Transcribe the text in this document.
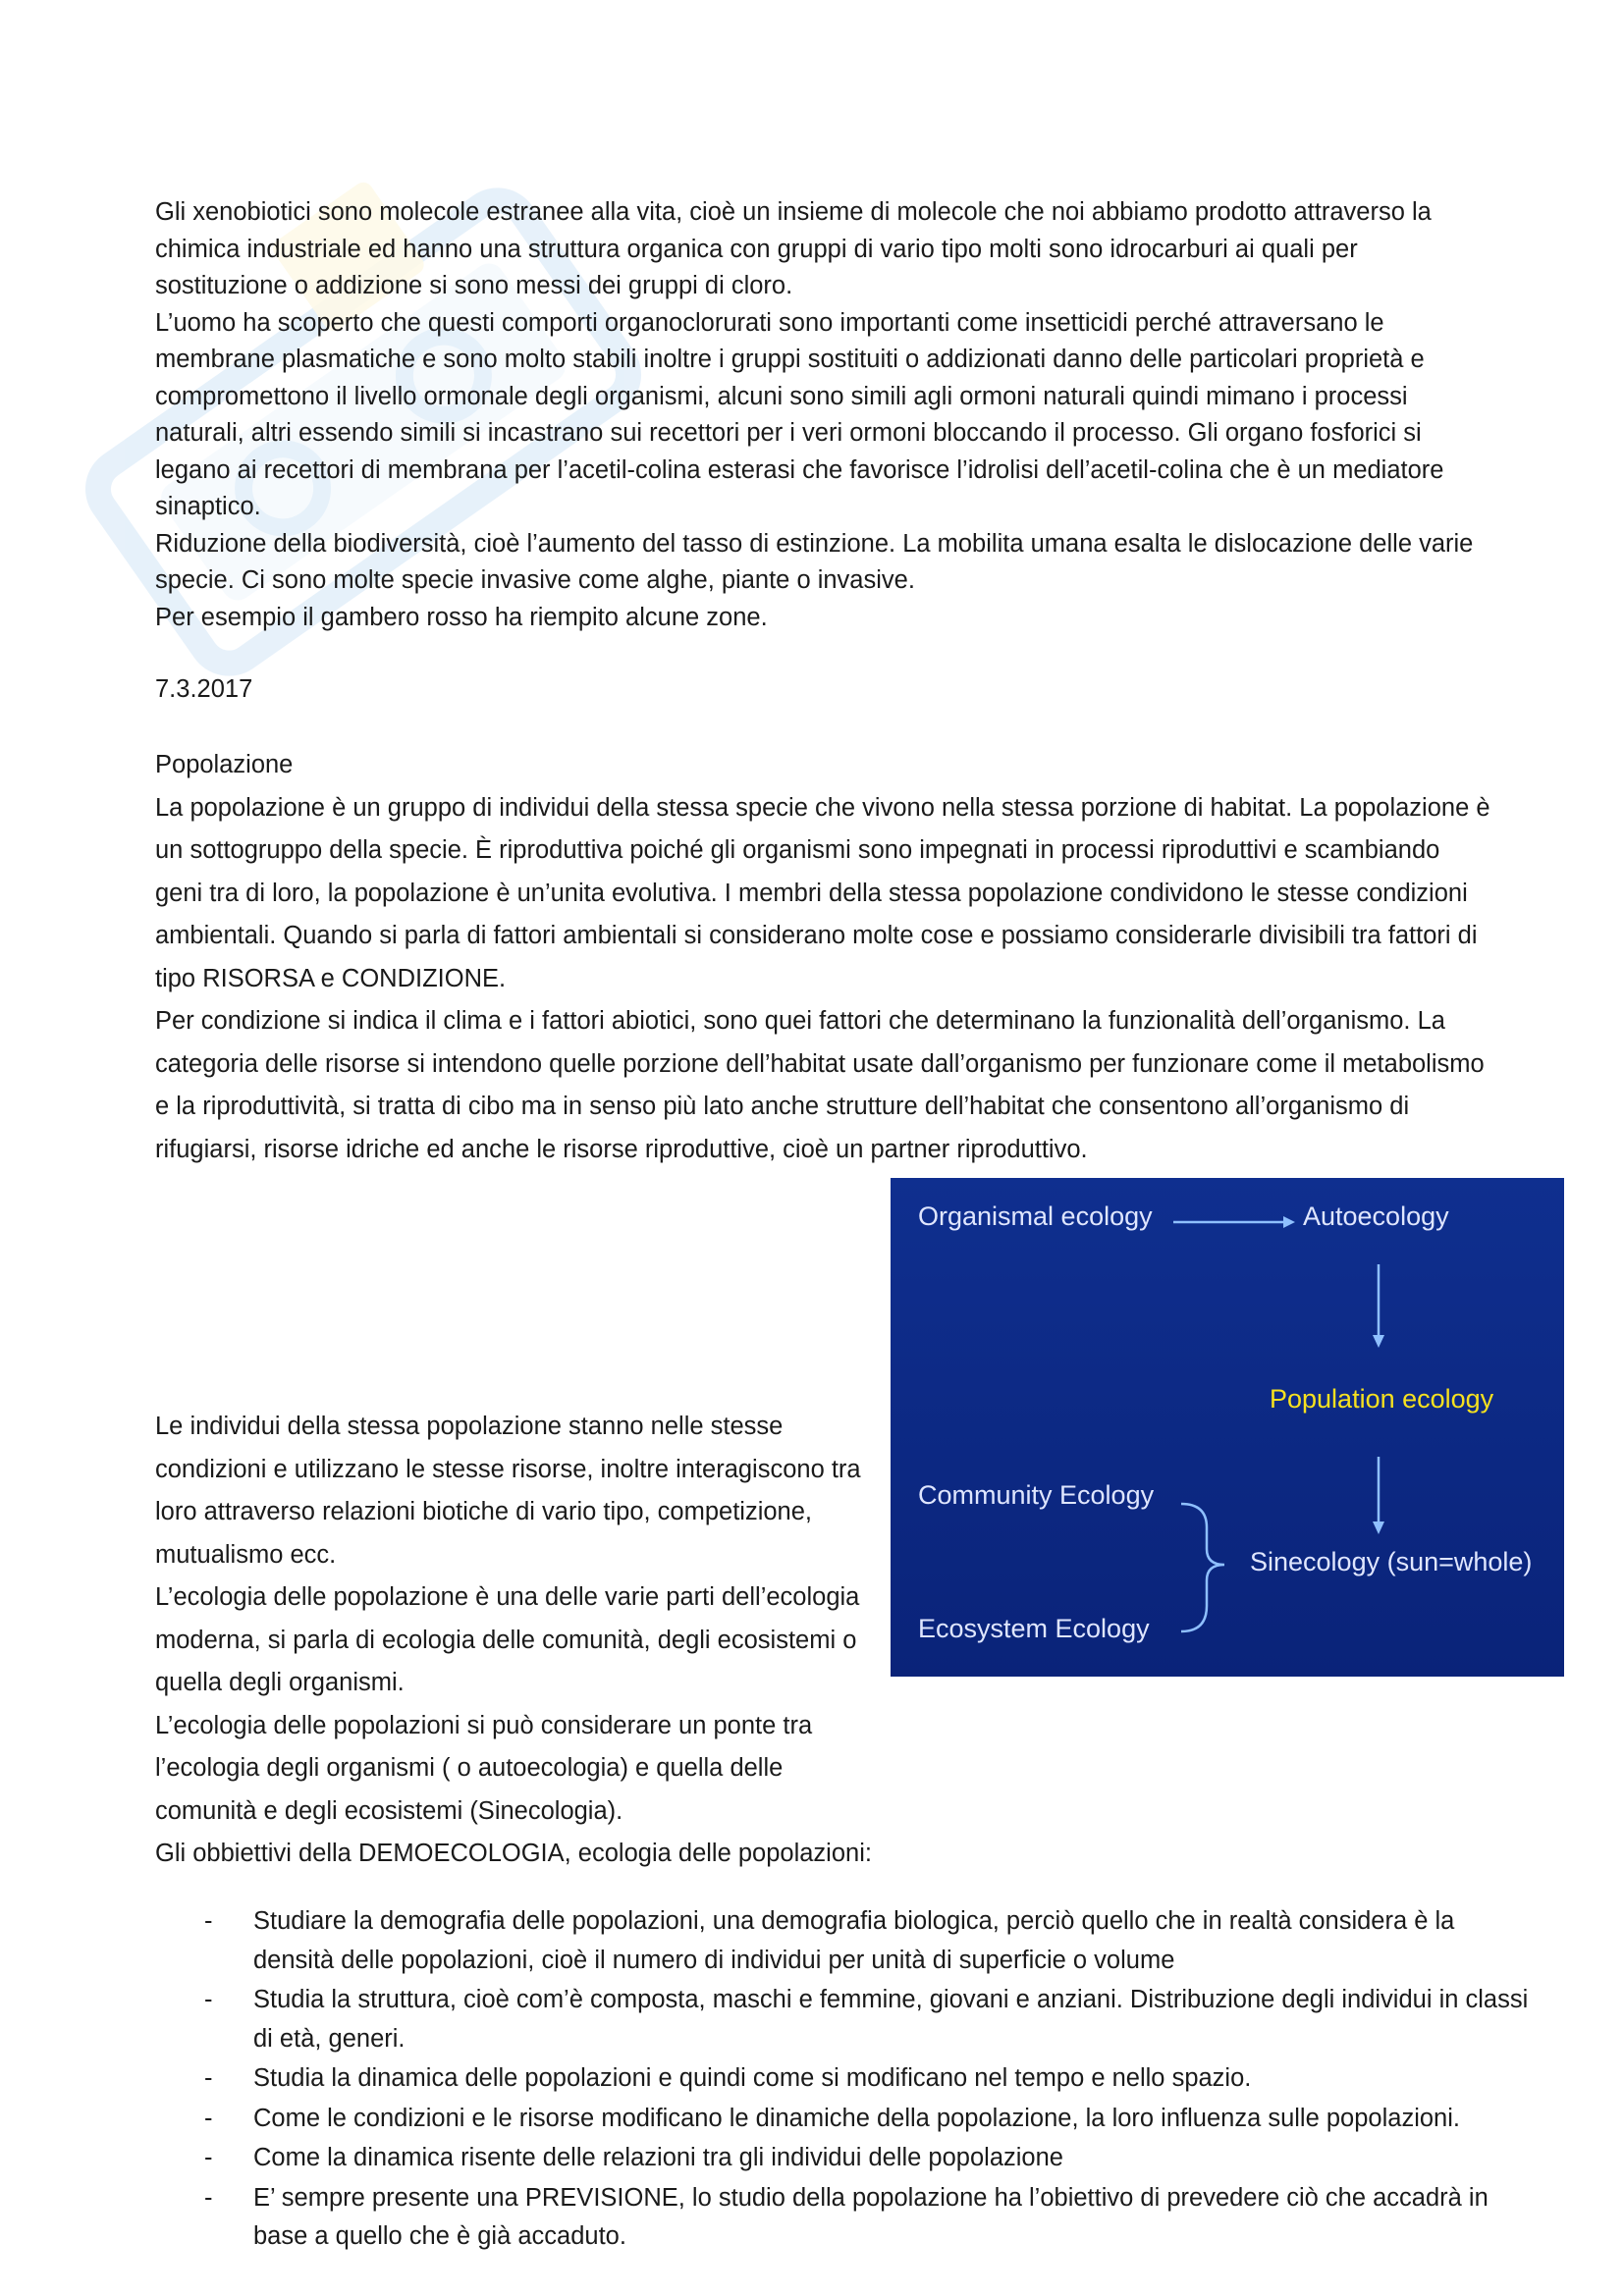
Gli xenobiotici sono molecole estranee alla vita, cioè un insieme di molecole che noi abbiamo prodotto attraverso la chimica industriale ed hanno una struttura organica con gruppi di vario tipo molti sono idrocarburi ai quali per sostituzione o addizione si sono messi dei gruppi di cloro.

L’uomo ha scoperto che questi comporti organoclorurati sono importanti come insetticidi perché attraversano le membrane plasmatiche e sono molto stabili inoltre i gruppi sostituiti o addizionati danno delle particolari proprietà e compromettono il livello ormonale degli organismi, alcuni sono simili agli ormoni naturali quindi mimano i processi naturali, altri essendo simili si incastrano sui recettori per i veri ormoni bloccando il processo. Gli organo fosforici si legano ai recettori di membrana per l’acetil-colina esterasi che favorisce l’idrolisi dell’acetil-colina che è un mediatore sinaptico.

Riduzione della biodiversità, cioè l’aumento del tasso di estinzione. La mobilita umana esalta le dislocazione delle varie specie. Ci sono molte specie invasive come alghe, piante o invasive.

Per esempio il gambero rosso ha riempito alcune zone.

7.3.2017

Popolazione

La popolazione è un gruppo di individui della stessa specie che vivono nella stessa porzione di habitat. La popolazione è un sottogruppo della specie. È riproduttiva poiché gli organismi sono impegnati in processi riproduttivi e scambiando geni tra di loro, la popolazione è un’unita evolutiva. I membri della stessa popolazione condividono le stesse condizioni ambientali. Quando si parla di fattori ambientali si considerano molte cose e possiamo considerarle divisibili tra fattori di tipo RISORSA e CONDIZIONE.

Per condizione si indica il clima e i fattori abiotici, sono quei fattori che determinano la funzionalità dell’organismo. La categoria delle risorse si intendono quelle porzione dell’habitat usate dall’organismo per funzionare come il metabolismo e la riproduttività, si tratta di cibo ma in senso più lato anche strutture dell’habitat che consentono all’organismo di rifugiarsi, risorse idriche ed anche le risorse riproduttive, cioè un partner riproduttivo.

Le individui della stessa popolazione stanno nelle stesse condizioni e utilizzano le stesse risorse, inoltre interagiscono tra loro attraverso relazioni biotiche di vario tipo, competizione, mutualismo ecc.

L’ecologia delle popolazione è una delle varie parti dell’ecologia moderna, si parla di ecologia delle comunità, degli ecosistemi o quella degli organismi.

L’ecologia delle popolazioni si può considerare un ponte tra l’ecologia degli organismi ( o autoecologia) e quella delle comunità e degli ecosistemi (Sinecologia).

Gli obbiettivi della DEMOECOLOGIA, ecologia delle popolazioni:

- Studiare la demografia delle popolazioni, una demografia biologica, perciò quello che in realtà considera è la densità delle popolazioni, cioè il numero di individui per unità di superficie o volume
- Studia la struttura, cioè com’è composta, maschi e femmine, giovani e anziani. Distribuzione degli individui in classi di età, generi.
- Studia la dinamica delle popolazioni e quindi come si modificano nel tempo e nello spazio.
- Come le condizioni e le risorse modificano le dinamiche della popolazione, la loro influenza sulle popolazioni.
- Come la dinamica risente delle relazioni tra gli individui delle popolazione
- E’ sempre presente una PREVISIONE, lo studio della popolazione ha l’obiettivo di prevedere ciò che accadrà in base a quello che è già accaduto.
Organismal ecology	Autoecology
Population ecology
Community Ecology
Sinecology (sun=whole)
Ecosystem Ecology
